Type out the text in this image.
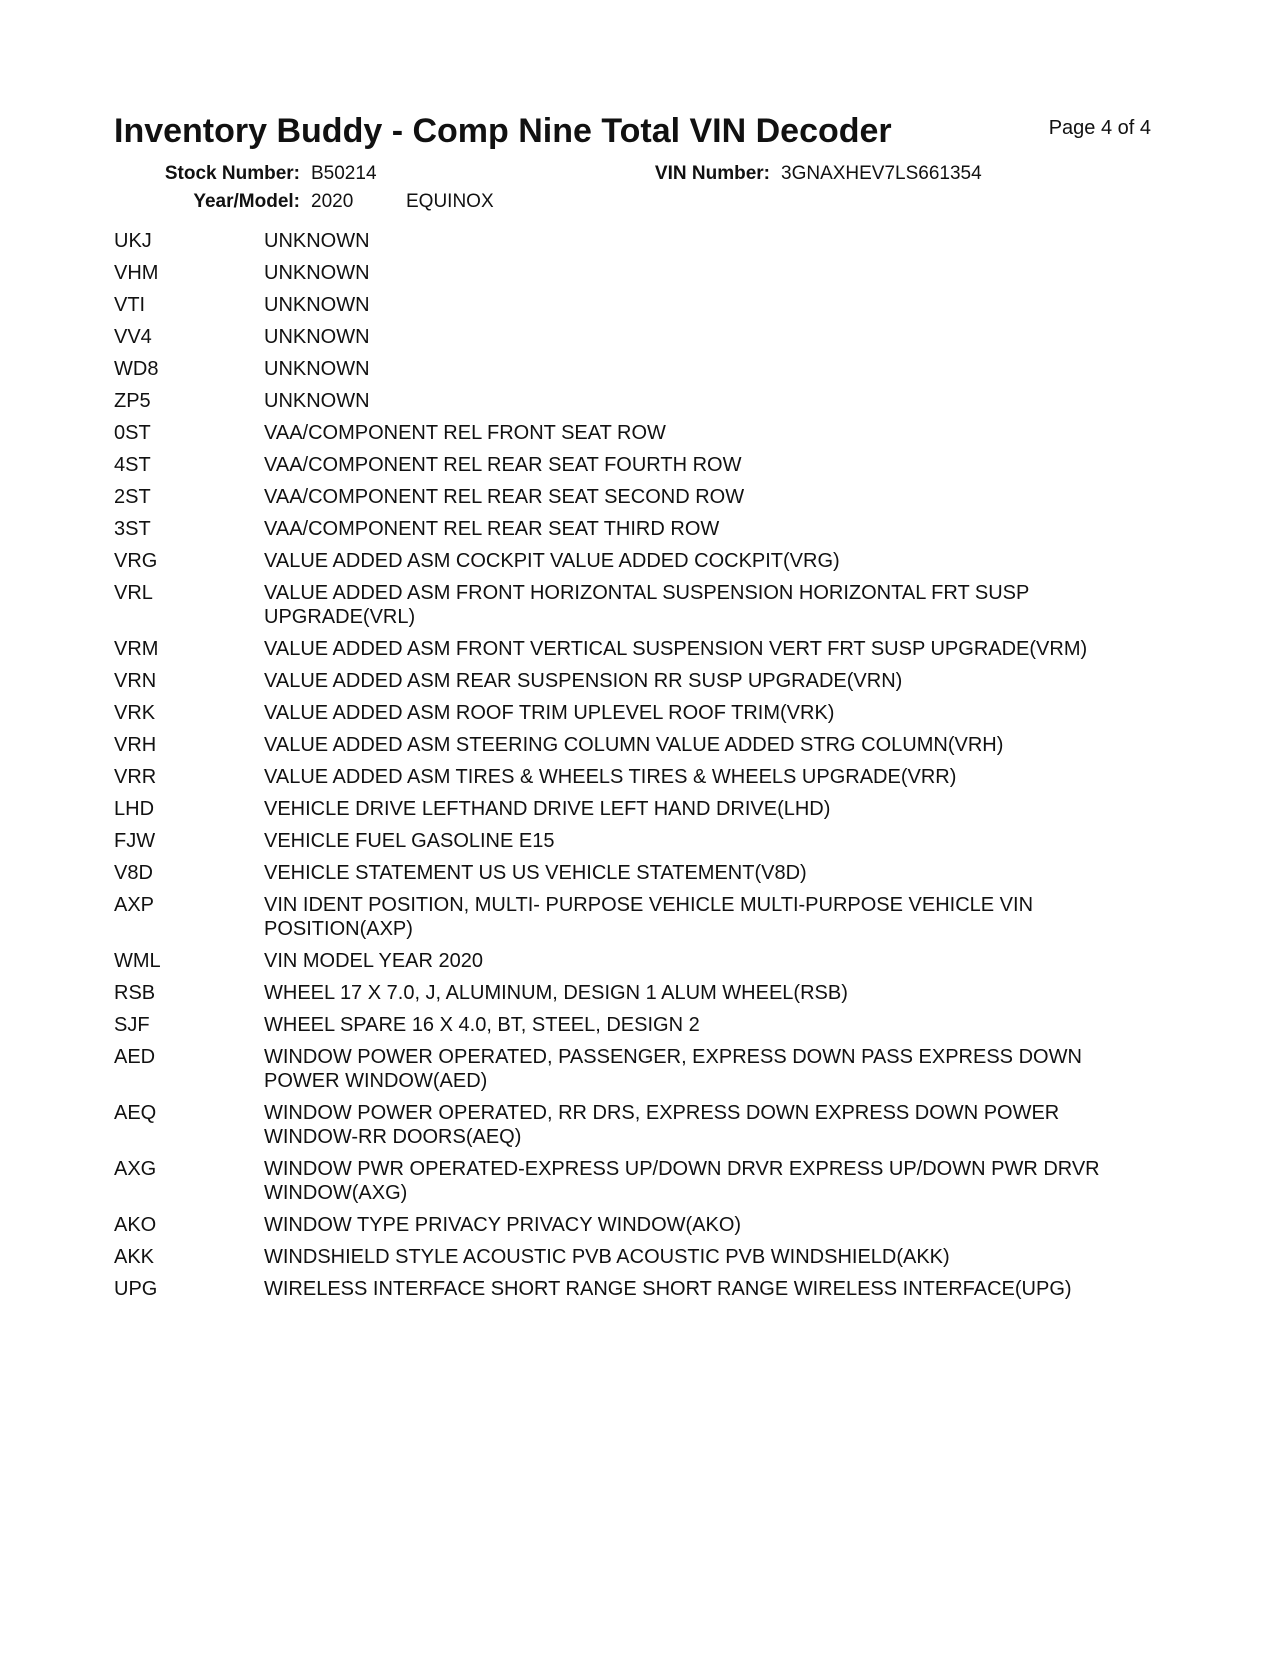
Inventory Buddy - Comp Nine Total VIN Decoder	Page 4 of 4
Stock Number: B50214	VIN Number: 3GNAXHEV7LS661354
Year/Model: 2020	EQUINOX
UKJ	UNKNOWN
VHM	UNKNOWN
VTI	UNKNOWN
VV4	UNKNOWN
WD8	UNKNOWN
ZP5	UNKNOWN
0ST	VAA/COMPONENT REL FRONT SEAT ROW
4ST	VAA/COMPONENT REL REAR SEAT FOURTH ROW
2ST	VAA/COMPONENT REL REAR SEAT SECOND ROW
3ST	VAA/COMPONENT REL REAR SEAT THIRD ROW
VRG	VALUE ADDED ASM COCKPIT VALUE ADDED COCKPIT(VRG)
VRL	VALUE ADDED ASM FRONT HORIZONTAL SUSPENSION HORIZONTAL FRT SUSP UPGRADE(VRL)
VRM	VALUE ADDED ASM FRONT VERTICAL SUSPENSION VERT FRT SUSP UPGRADE(VRM)
VRN	VALUE ADDED ASM REAR SUSPENSION RR SUSP UPGRADE(VRN)
VRK	VALUE ADDED ASM ROOF TRIM UPLEVEL ROOF TRIM(VRK)
VRH	VALUE ADDED ASM STEERING COLUMN VALUE ADDED STRG COLUMN(VRH)
VRR	VALUE ADDED ASM TIRES & WHEELS TIRES & WHEELS UPGRADE(VRR)
LHD	VEHICLE DRIVE LEFTHAND DRIVE LEFT HAND DRIVE(LHD)
FJW	VEHICLE FUEL GASOLINE E15
V8D	VEHICLE STATEMENT US US VEHICLE STATEMENT(V8D)
AXP	VIN IDENT POSITION, MULTI- PURPOSE VEHICLE MULTI-PURPOSE VEHICLE VIN POSITION(AXP)
WML	VIN MODEL YEAR 2020
RSB	WHEEL 17 X 7.0, J, ALUMINUM, DESIGN 1 ALUM WHEEL(RSB)
SJF	WHEEL SPARE 16 X 4.0, BT, STEEL, DESIGN 2
AED	WINDOW POWER OPERATED, PASSENGER, EXPRESS DOWN PASS EXPRESS DOWN POWER WINDOW(AED)
AEQ	WINDOW POWER OPERATED, RR DRS, EXPRESS DOWN EXPRESS DOWN POWER WINDOW-RR DOORS(AEQ)
AXG	WINDOW PWR OPERATED-EXPRESS UP/DOWN DRVR EXPRESS UP/DOWN PWR DRVR WINDOW(AXG)
AKO	WINDOW TYPE PRIVACY PRIVACY WINDOW(AKO)
AKK	WINDSHIELD STYLE ACOUSTIC PVB ACOUSTIC PVB WINDSHIELD(AKK)
UPG	WIRELESS INTERFACE SHORT RANGE SHORT RANGE WIRELESS INTERFACE(UPG)
